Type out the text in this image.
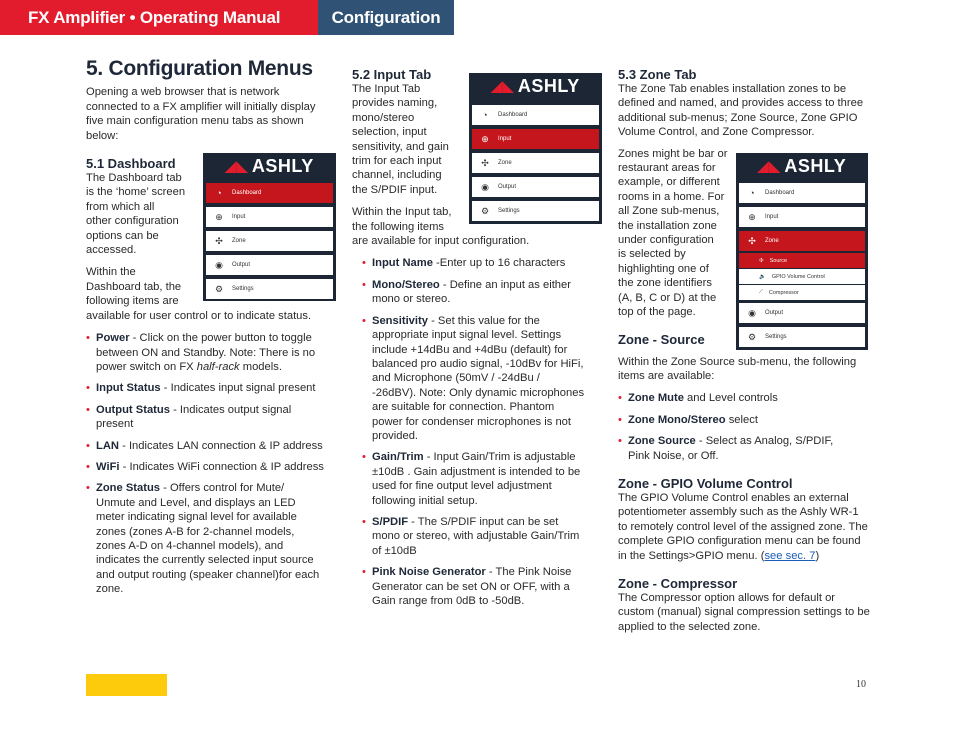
FX Amplifier • Operating Manual	Configuration
5. Configuration Menus

Opening a web browser that is network connected to a FX amplifier will initially display five main configuration menu tabs as shown below:

5.1 Dashboard
The Dashboard tab
is the ‘home’ screen
from which all
other configuration
options can be
accessed.
Within the
Dashboard tab, the
following items are
available for user control or to indicate status.
• Power - Click on the power button to toggle between ON and Standby. Note: There is no power switch on FX half-rack models.
• Input Status - Indicates input signal present
• Output Status - Indicates output signal present
• LAN - Indicates LAN connection & IP address
• WiFi - Indicates WiFi connection & IP address
• Zone Status - Offers control for Mute/ Unmute and Level, and displays an LED meter indicating signal level for available zones (zones A-B for 2-channel models, zones A-D on 4-channel models), and indicates the currently selected input source and output routing (speaker channel)for each zone.
◢◣ ASHLY
◔	Dashboard
⊕ Input
✣ Zone
◉ Output
⚙ Settings
5.2 Input Tab
The Input Tab
provides naming,
mono/stereo
selection, input
sensitivity, and gain
trim for each input
channel, including
the S/PDIF input.
Within the Input tab,
the following items
are available for input configuration.
• Input Name -Enter up to 16 characters
• Mono/Stereo - Define an input as either mono or stereo.
• Sensitivity - Set this value for the appropriate input signal level. Settings include +14dBu and +4dBu (default) for balanced pro audio signal, -10dBv for HiFi, and Microphone (50mV / -24dBu / -26dBV). Note: Only dynamic microphones are suitable for connection. Phantom power for condenser microphones is not provided.
• Gain/Trim - Input Gain/Trim is adjustable ±10dB . Gain adjustment is intended to be used for fine output level adjustment following initial setup.
• S/PDIF - The S/PDIF input can be set mono or stereo, with adjustable Gain/Trim of ±10dB
• Pink Noise Generator - The Pink Noise Generator can be set ON or OFF, with a Gain range from 0dB to -50dB.
◢◣ ASHLY
◔	Dashboard
⊕ Input
✣ Zone
◉ Output
⚙ Settings
5.3 Zone Tab

The Zone Tab enables installation zones to be defined and named, and provides access to three additional sub-menus; Zone Source, Zone GPIO Volume Control, and Zone Compressor.

Zones might be bar or
restaurant areas for
example, or different
rooms in a home. For
all Zone sub-menus,
the installation zone
under configuration
is selected by
highlighting one of
the zone identifiers
(A, B, C or D) at the
top of the page.
Zone - Source

Within the Zone Source sub-menu, the following items are available:

• Zone Mute and Level controls
• Zone Mono/Stereo select
• Zone Source - Select as Analog, S/PDIF, Pink Noise, or Off.
Zone - GPIO Volume Control

The GPIO Volume Control enables an external potentiometer assembly such as the Ashly WR-1 to remotely control level of the assigned zone. The complete GPIO configuration menu can be found in the Settings>GPIO menu. (see sec. 7)

Zone - Compressor

The Compressor option allows for default or custom (manual) signal compression settings to be applied to the selected zone.

◢◣ ASHLY
◔	Dashboard
⊕ Input
✣ Zone
✣ Source
🔈 GPIO Volume Control
⟋ Compressor
◉ Output
⚙ Settings
10
